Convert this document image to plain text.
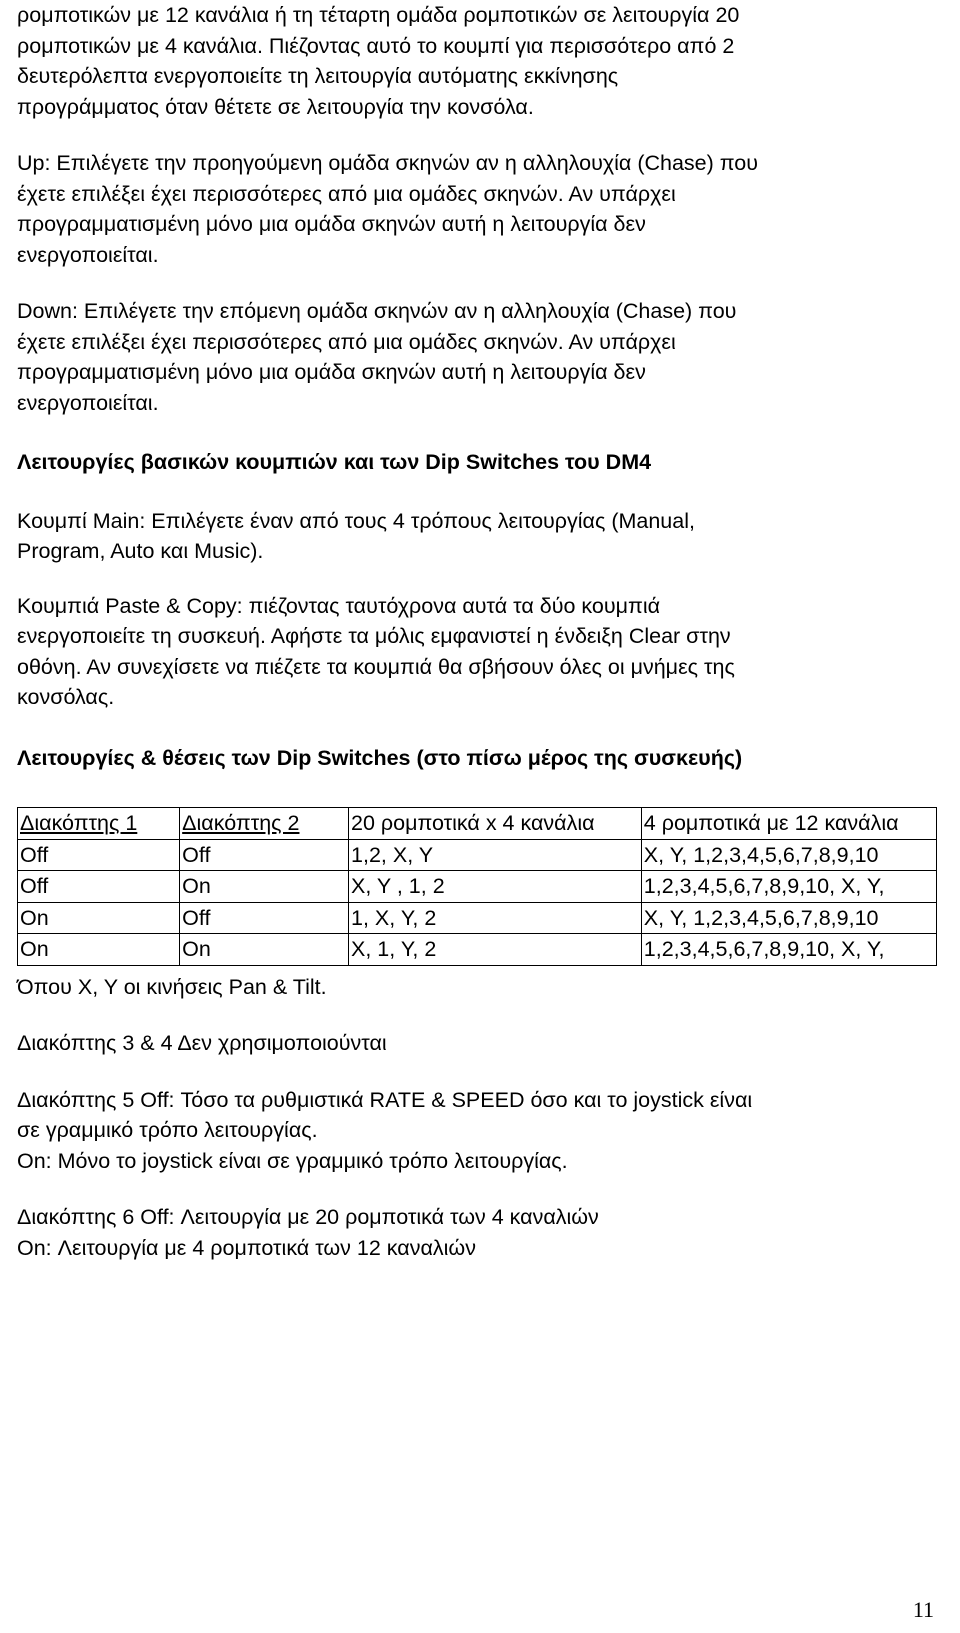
ρομποτικών με 12 κανάλια ή τη τέταρτη ομάδα ρομποτικών σε λειτουργία 20
ρομποτικών με 4 κανάλια. Πιέζοντας αυτό το κουμπί για περισσότερο από 2
δευτερόλεπτα ενεργοποιείτε τη λειτουργία αυτόματης εκκίνησης
προγράμματος όταν θέτετε σε λειτουργία την κονσόλα.

Up: Επιλέγετε την προηγούμενη ομάδα σκηνών αν η αλληλουχία (Chase) που
έχετε επιλέξει έχει περισσότερες από μια ομάδες σκηνών. Αν υπάρχει
προγραμματισμένη μόνο μια ομάδα σκηνών αυτή η λειτουργία δεν
ενεργοποιείται.

Down: Επιλέγετε την επόμενη ομάδα σκηνών αν η αλληλουχία (Chase) που
έχετε επιλέξει έχει περισσότερες από μια ομάδες σκηνών. Αν υπάρχει
προγραμματισμένη μόνο μια ομάδα σκηνών αυτή η λειτουργία δεν
ενεργοποιείται.

Λειτουργίες βασικών κουμπιών και των Dip Switches του DM4

Κουμπί Main: Επιλέγετε έναν από τους 4 τρόπους λειτουργίας (Manual,
Program, Auto και Music).

Κουμπιά Paste & Copy: πιέζοντας ταυτόχρονα αυτά τα δύο κουμπιά
ενεργοποιείτε τη συσκευή. Αφήστε τα μόλις εμφανιστεί η ένδειξη Clear στην
οθόνη. Αν συνεχίσετε να πιέζετε τα κουμπιά θα σβήσουν όλες οι μνήμες της
κονσόλας.

Λειτουργίες & θέσεις των Dip Switches (στο πίσω μέρος της συσκευής)

Διακόπτης 1	Διακόπτης 2	20 ρομποτικά x 4 κανάλια	4 ρομποτικά με 12 κανάλια
Off	Off	1,2, X, Y	X, Y, 1,2,3,4,5,6,7,8,9,10
Off	On	X, Y , 1, 2	1,2,3,4,5,6,7,8,9,10, X, Y,
On	Off	1, X, Y, 2	X, Y, 1,2,3,4,5,6,7,8,9,10
On	On	X, 1, Y, 2	1,2,3,4,5,6,7,8,9,10, X, Y,

Όπου X, Y οι κινήσεις Pan & Tilt.

Διακόπτης 3 & 4 Δεν χρησιμοποιούνται

Διακόπτης 5 Off: Τόσο τα ρυθμιστικά RATE & SPEED όσο και το joystick είναι
σε γραμμικό τρόπο λειτουργίας.
On: Μόνο το joystick είναι σε γραμμικό τρόπο λειτουργίας.

Διακόπτης 6 Off: Λειτουργία με 20 ρομποτικά των 4 καναλιών
On: Λειτουργία με 4 ρομποτικά των 12 καναλιών

11
